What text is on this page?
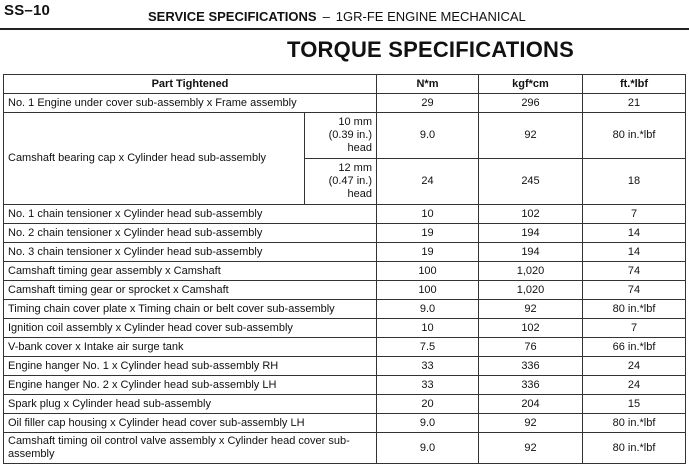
SS–10	SERVICE SPECIFICATIONS – 1GR-FE ENGINE MECHANICAL
TORQUE SPECIFICATIONS
Part Tightened		N*m	kgf*cm	ft.*lbf
No. 1 Engine under cover sub-assembly x Frame assembly		29	296	21
Camshaft bearing cap x Cylinder head sub-assembly	10 mm
(0.39 in.)
head	9.0	92	80 in.*lbf

	12 mm
(0.47 in.)
head	24	245	18
No. 1 chain tensioner x Cylinder head sub-assembly		10	102	7
No. 2 chain tensioner x Cylinder head sub-assembly		19	194	14
No. 3 chain tensioner x Cylinder head sub-assembly		19	194	14
Camshaft timing gear assembly x Camshaft		100	1,020	74
Camshaft timing gear or sprocket x Camshaft		100	1,020	74
Timing chain cover plate x Timing chain or belt cover sub-assembly		9.0	92	80 in.*lbf
Ignition coil assembly x Cylinder head cover sub-assembly		10	102	7
V-bank cover x Intake air surge tank		7.5	76	66 in.*lbf
Engine hanger No. 1 x Cylinder head sub-assembly RH		33	336	24
Engine hanger No. 2 x Cylinder head sub-assembly LH		33	336	24
Spark plug x Cylinder head sub-assembly		20	204	15
Oil filler cap housing x Cylinder head cover sub-assembly LH		9.0	92	80 in.*lbf
Camshaft timing oil control valve assembly x Cylinder head cover sub-assembly		9.0	92	80 in.*lbf
